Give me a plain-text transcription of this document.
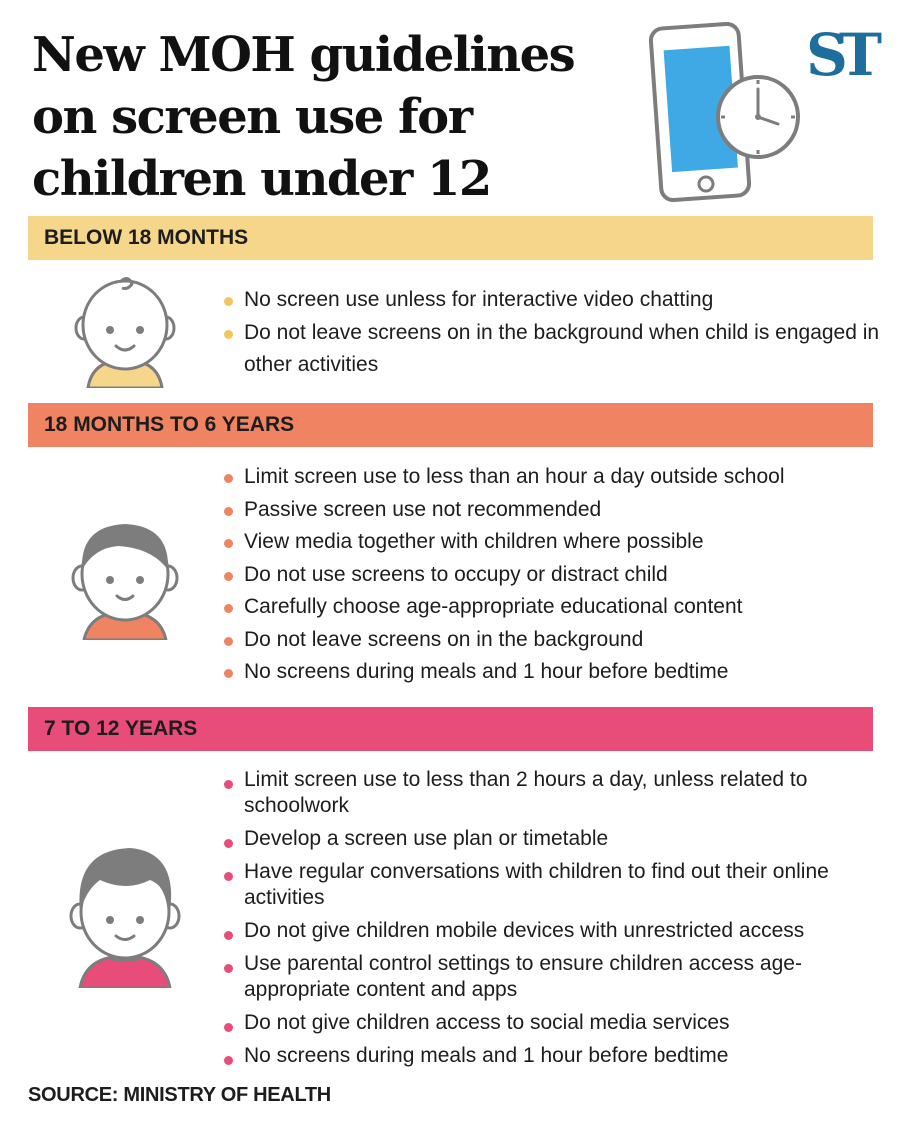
New MOH guidelines on screen use for children under 12
ST
BELOW 18 MONTHS
No screen use unless for interactive video chatting
Do not leave screens on in the background when child is engaged in other activities
18 MONTHS TO 6 YEARS
Limit screen use to less than an hour a day outside school
Passive screen use not recommended
View media together with children where possible
Do not use screens to occupy or distract child
Carefully choose age-appropriate educational content
Do not leave screens on in the background
No screens during meals and 1 hour before bedtime
7 TO 12 YEARS
Limit screen use to less than 2 hours a day, unless related to schoolwork
Develop a screen use plan or timetable
Have regular conversations with children to find out their online activities
Do not give children mobile devices with unrestricted access
Use parental control settings to ensure children access age-appropriate content and apps
Do not give children access to social media services
No screens during meals and 1 hour before bedtime
SOURCE: MINISTRY OF HEALTH
